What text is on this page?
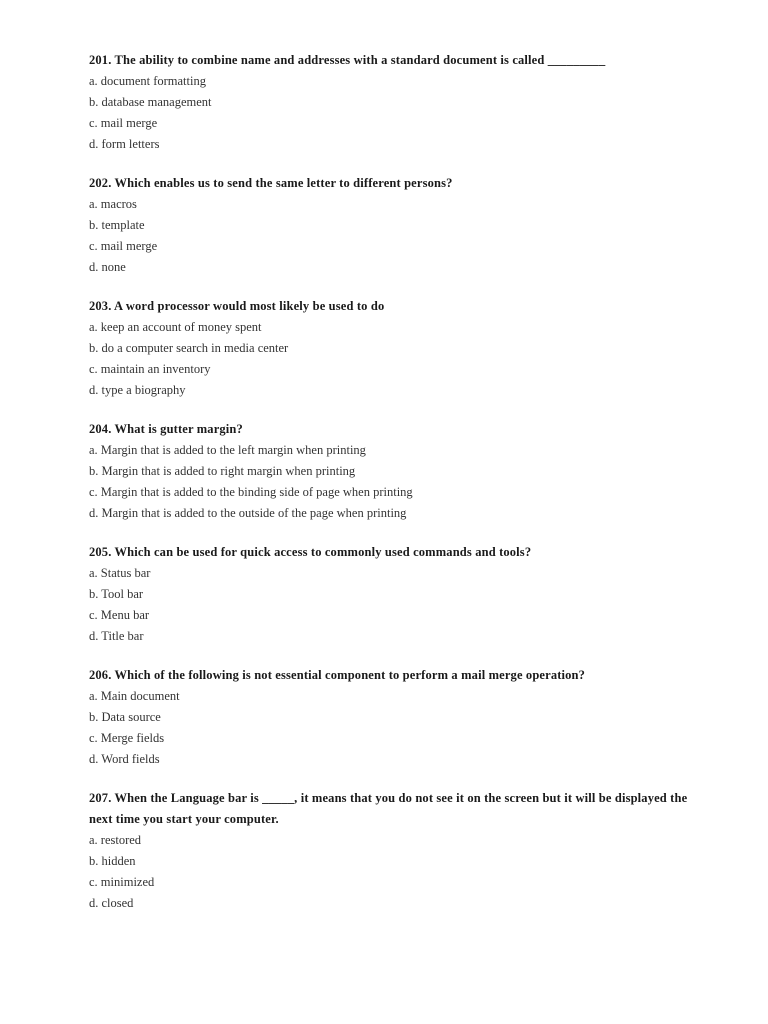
201. The ability to combine name and addresses with a standard document is called _________

a. document formatting
b. database management
c. mail merge
d. form letters

202. Which enables us to send the same letter to different persons?

a. macros
b. template
c. mail merge
d. none

203. A word processor would most likely be used to do

a. keep an account of money spent
b. do a computer search in media center
c. maintain an inventory
d. type a biography

204. What is gutter margin?

a. Margin that is added to the left margin when printing
b. Margin that is added to right margin when printing
c. Margin that is added to the binding side of page when printing
d. Margin that is added to the outside of the page when printing

205. Which can be used for quick access to commonly used commands and tools?

a. Status bar
b. Tool bar
c. Menu bar
d. Title bar

206. Which of the following is not essential component to perform a mail merge operation?

a. Main document
b. Data source
c. Merge fields
d. Word fields

207. When the Language bar is _____, it means that you do not see it on the screen but it will be displayed the next time you start your computer.

a. restored
b. hidden
c. minimized
d. closed
